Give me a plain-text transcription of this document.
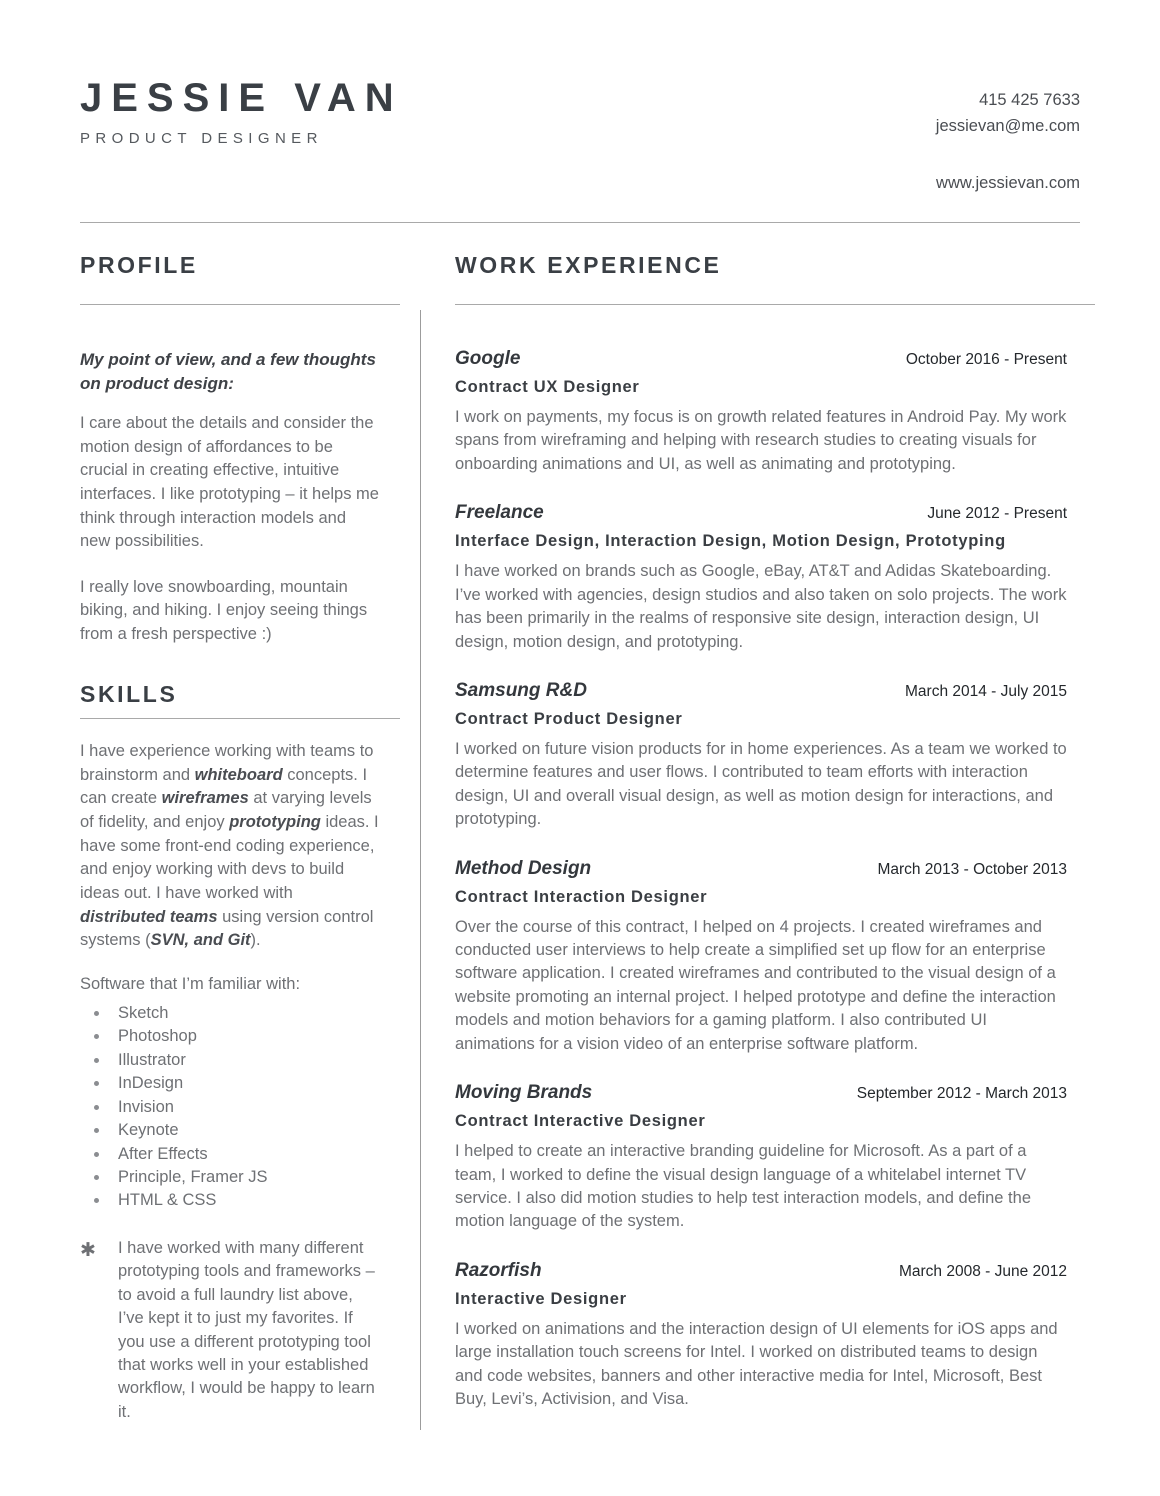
JESSIE VAN
PRODUCT DESIGNER
415 425 7633
jessievan@me.com
www.jessievan.com
PROFILE
SKILLS
WORK EXPERIENCE

My point of view, and a few thoughts on product design:

I care about the details and consider the motion design of affordances to be crucial in creating effective, intuitive interfaces. I like prototyping – it helps me think through interaction models and new possibilities.

I really love snowboarding, mountain biking, and hiking. I enjoy seeing things from a fresh perspective :)

I have experience working with teams to brainstorm and whiteboard concepts. I can create wireframes at varying levels of fidelity, and enjoy prototyping ideas. I have some front-end coding experience, and enjoy working with devs to build ideas out. I have worked with distributed teams using version control systems (SVN, and Git).

Software that I’m familiar with:

Sketch
Photoshop
Illustrator
InDesign
Invision
Keynote
After Effects
Principle, Framer JS
HTML & CSS
✱	I have worked with many different prototyping tools and frameworks – to avoid a full laundry list above, I’ve kept it to just my favorites. If you use a different prototyping tool that works well in your established workflow, I would be happy to learn it.
Google	October 2016 - Present
Contract UX Designer
I work on payments, my focus is on growth related features in Android Pay. My work spans from wireframing and helping with research studies to creating visuals for onboarding animations and UI, as well as animating and prototyping.
Freelance	June 2012 - Present
Interface Design, Interaction Design, Motion Design, Prototyping
I have worked on brands such as Google, eBay, AT&T and Adidas Skateboarding. I’ve worked with agencies, design studios and also taken on solo projects. The work has been primarily in the realms of responsive site design, interaction design, UI design, motion design, and prototyping.
Samsung R&D	March 2014 - July 2015
Contract Product Designer
I worked on future vision products for in home experiences. As a team we worked to determine features and user flows. I contributed to team efforts with interaction design, UI and overall visual design, as well as motion design for interactions, and prototyping.
Method Design	March 2013 - October 2013
Contract Interaction Designer
Over the course of this contract, I helped on 4 projects. I created wireframes and conducted user interviews to help create a simplified set up flow for an enterprise software application. I created wireframes and contributed to the visual design of a website promoting an internal project. I helped prototype and define the interaction models and motion behaviors for a gaming platform. I also contributed UI animations for a vision video of an enterprise software platform.
Moving Brands	September 2012 - March 2013
Contract Interactive Designer
I helped to create an interactive branding guideline for Microsoft. As a part of a team, I worked to define the visual design language of a whitelabel internet TV service. I also did motion studies to help test interaction models, and define the motion language of the system.
Razorfish	March 2008 - June 2012
Interactive Designer
I worked on animations and the interaction design of UI elements for iOS apps and large installation touch screens for Intel. I worked on distributed teams to design and code websites, banners and other interactive media for Intel, Microsoft, Best Buy, Levi’s, Activision, and Visa.
